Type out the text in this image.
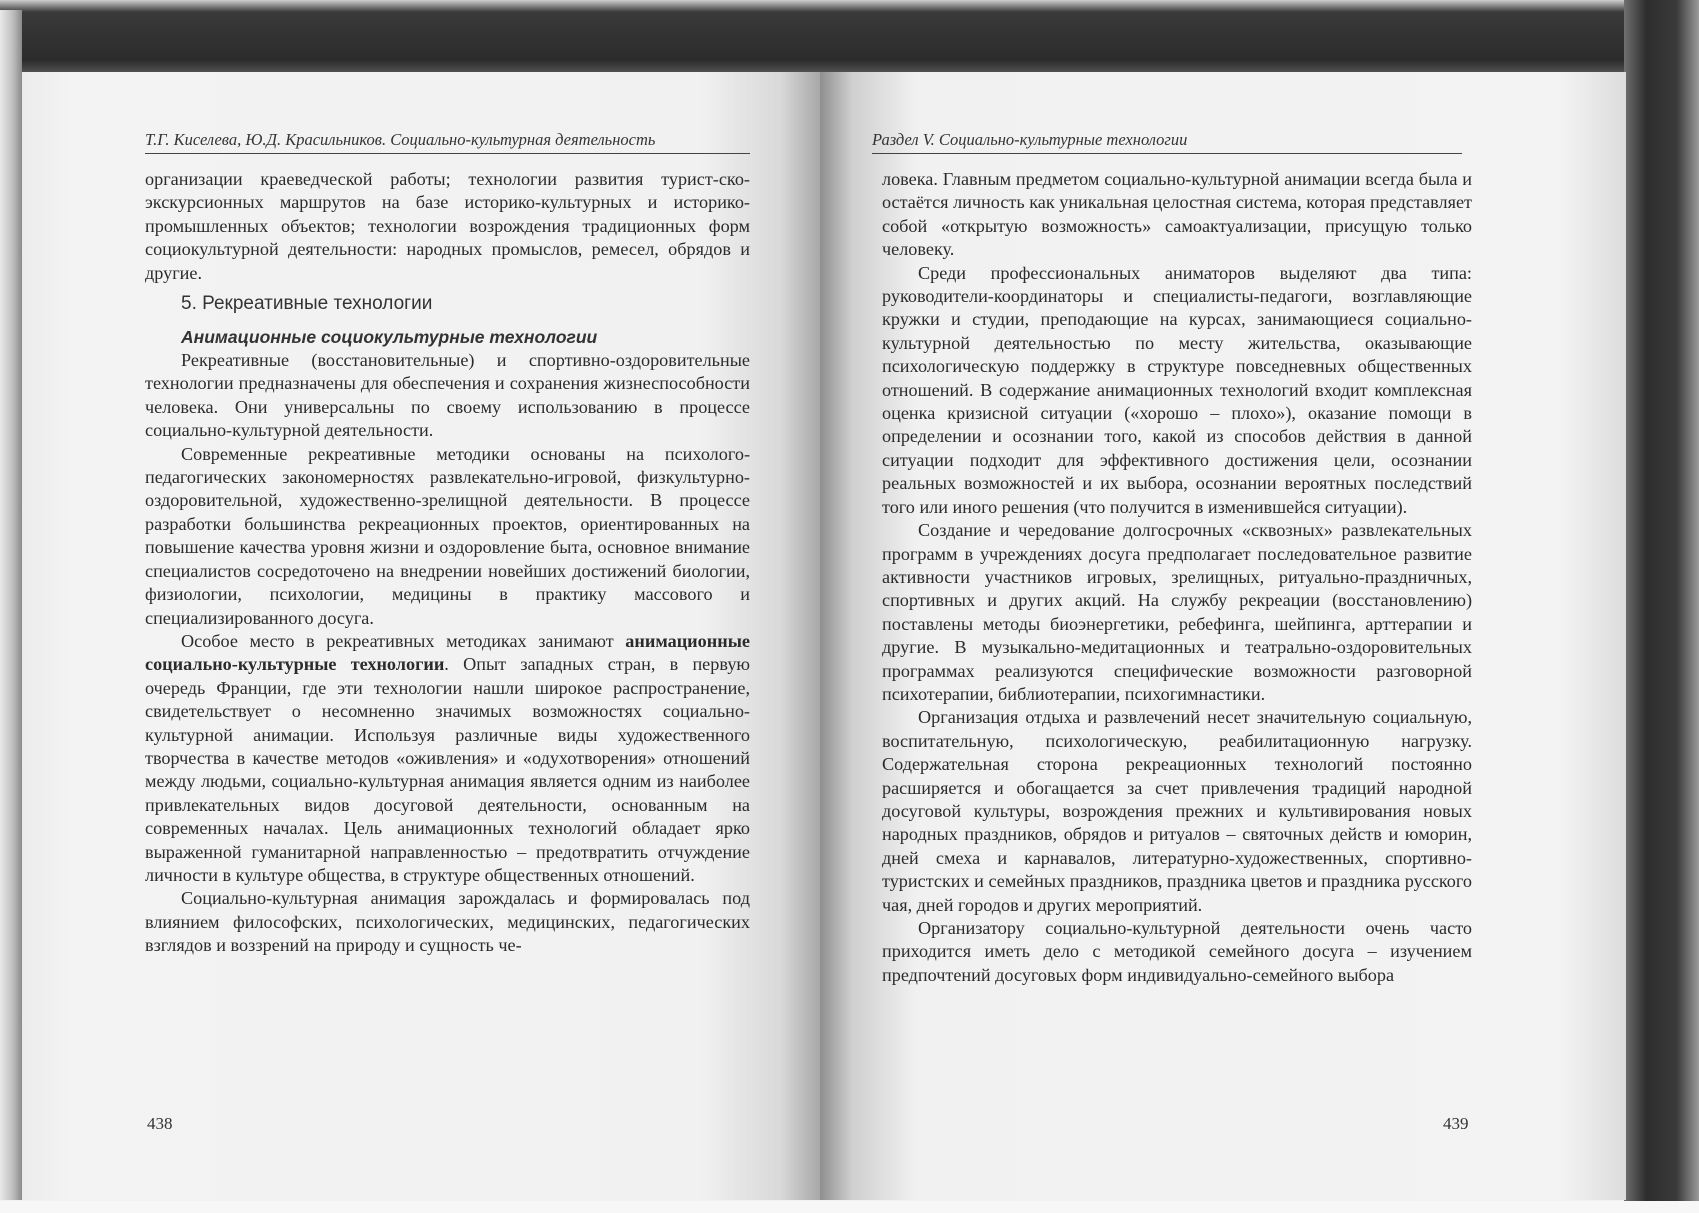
Т.Г. Киселева, Ю.Д. Красильников. Социально-культурная деятельность

организации краеведческой работы; технологии развития турист-ско-экскурсионных маршрутов на базе историко-культурных и историко-промышленных объектов; технологии возрождения традиционных форм социокультурной деятельности: народных промыслов, ремесел, обрядов и другие.

5. Рекреативные технологии
Анимационные социокультурные технологии

Рекреативные (восстановительные) и спортивно-оздоровительные технологии предназначены для обеспечения и сохранения жизнеспособности человека. Они универсальны по своему использованию в процессе социально-культурной деятельности.

Современные рекреативные методики основаны на психолого-педагогических закономерностях развлекательно-игровой, физкультурно-оздоровительной, художественно-зрелищной деятельности. В процессе разработки большинства рекреационных проектов, ориентированных на повышение качества уровня жизни и оздоровление быта, основное внимание специалистов сосредоточено на внедрении новейших достижений биологии, физиологии, психологии, медицины в практику массового и специализированного досуга.

Особое место в рекреативных методиках занимают анимационные социально-культурные технологии. Опыт западных стран, в первую очередь Франции, где эти технологии нашли широкое распространение, свидетельствует о несомненно значимых возможностях социально-культурной анимации. Используя различные виды художественного творчества в качестве методов «оживления» и «одухотворения» отношений между людьми, социально-культурная анимация является одним из наиболее привлекательных видов досуговой деятельности, основанным на современных началах. Цель анимационных технологий обладает ярко выраженной гуманитарной направленностью – предотвратить отчуждение личности в культуре общества, в структуре общественных отношений.

Социально-культурная анимация зарождалась и формировалась под влиянием философских, психологических, медицинских, педагогических взглядов и воззрений на природу и сущность че-

438
Раздел V. Социально-культурные технологии

ловека. Главным предметом социально-культурной анимации всегда была и остаётся личность как уникальная целостная система, которая представляет собой «открытую возможность» самоактуализации, присущую только человеку.

Среди профессиональных аниматоров выделяют два типа: руководители-координаторы и специалисты-педагоги, возглавляющие кружки и студии, преподающие на курсах, занимающиеся социально-культурной деятельностью по месту жительства, оказывающие психологическую поддержку в структуре повседневных общественных отношений. В содержание анимационных технологий входит комплексная оценка кризисной ситуации («хорошо – плохо»), оказание помощи в определении и осознании того, какой из способов действия в данной ситуации подходит для эффективного достижения цели, осознании реальных возможностей и их выбора, осознании вероятных последствий того или иного решения (что получится в изменившейся ситуации).

Создание и чередование долгосрочных «сквозных» развлекательных программ в учреждениях досуга предполагает последовательное развитие активности участников игровых, зрелищных, ритуально-праздничных, спортивных и других акций. На службу рекреации (восстановлению) поставлены методы биоэнергетики, ребефинга, шейпинга, арттерапии и другие. В музыкально-медитационных и театрально-оздоровительных программах реализуются специфические возможности разговорной психотерапии, библиотерапии, психогимнастики.

Организация отдыха и развлечений несет значительную социальную, воспитательную, психологическую, реабилитационную нагрузку. Содержательная сторона рекреационных технологий постоянно расширяется и обогащается за счет привлечения традиций народной досуговой культуры, возрождения прежних и культивирования новых народных праздников, обрядов и ритуалов – святочных действ и юморин, дней смеха и карнавалов, литературно-художественных, спортивно-туристских и семейных праздников, праздника цветов и праздника русского чая, дней городов и других мероприятий.

Организатору социально-культурной деятельности очень часто приходится иметь дело с методикой семейного досуга – изучением предпочтений досуговых форм индивидуально-семейного выбора

439
